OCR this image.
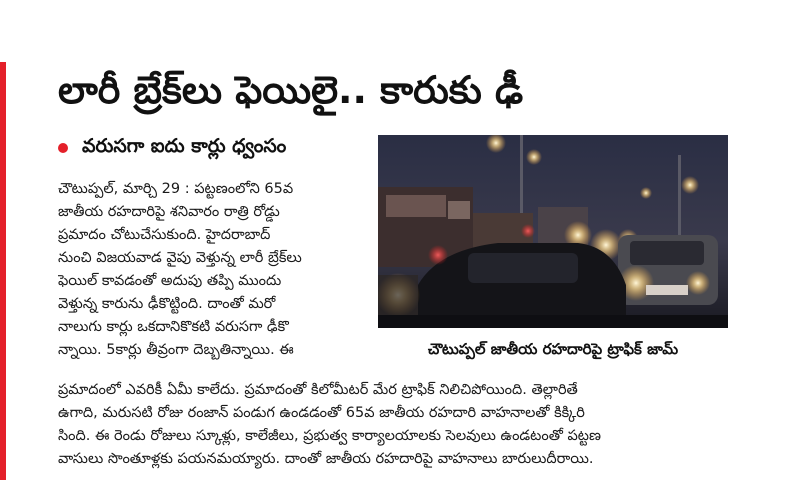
లారీ బ్రేక్‌లు ఫెయిలై.. కారుకు ఢీ
వరుసగా ఐదు కార్లు ధ్వంసం
చౌటుప్పల్‌ జాతీయ రహదారిపై ట్రాఫిక్‌ జామ్‌
చౌటుప్పల్‌, మార్చి 29 : పట్టణంలోని 65వ
జాతీయ రహదారిపై శనివారం రాత్రి రోడ్డు
ప్రమాదం చోటుచేసుకుంది. హైదరాబాద్‌
నుంచి విజయవాడ వైపు వెళ్తున్న లారీ బ్రేక్‌లు
ఫెయిల్‌ కావడంతో అదుపు తప్పి ముందు
వెళ్తున్న కారును ఢీకొట్టింది. దాంతో మరో
నాలుగు కార్లు ఒకదానికొకటి వరుసగా ఢీకొ
న్నాయి. 5కార్లు తీవ్రంగా దెబ్బతిన్నాయి. ఈ
ప్రమాదంలో ఎవరికీ ఏమీ కాలేదు. ప్రమాదంతో కిలోమీటర్‌ మేర ట్రాఫిక్‌ నిలిచిపోయింది. తెల్లారితే
ఉగాది, మరుసటి రోజు రంజాన్‌ పండుగ ఉండడంతో 65వ జాతీయ రహదారి వాహనాలతో కిక్కిరి
సింది. ఈ రెండు రోజులు స్కూళ్లు, కాలేజీలు, ప్రభుత్వ కార్యాలయాలకు సెలవులు ఉండటంతో పట్టణ
వాసులు సొంతూళ్లకు పయనమయ్యారు. దాంతో జాతీయ రహదారిపై వాహనాలు బారులుదీరాయి.
